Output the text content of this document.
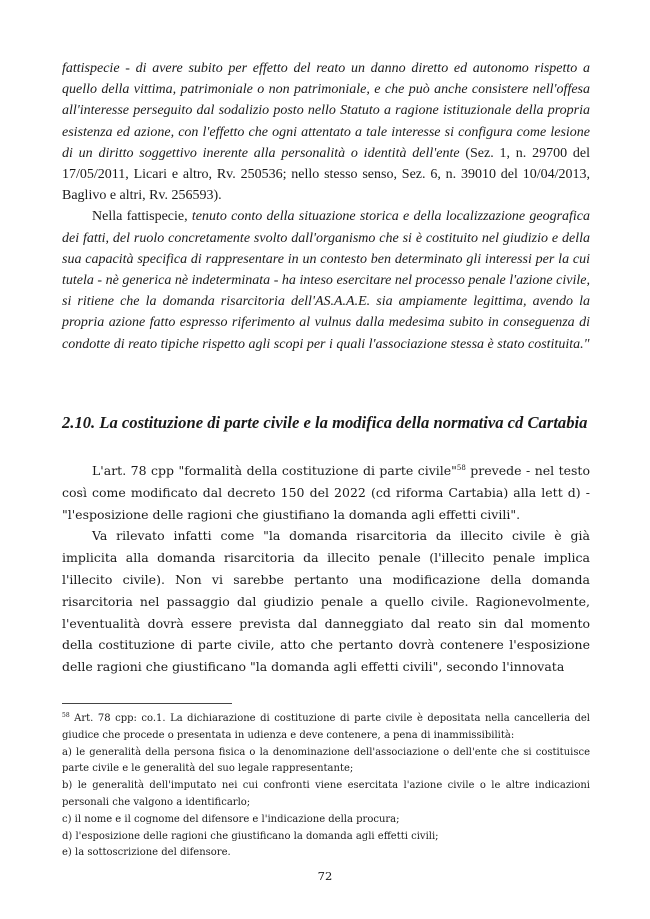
fattispecie - di avere subito per effetto del reato un danno diretto ed autonomo rispetto a quello della vittima, patrimoniale o non patrimoniale, e che può anche consistere nell'offesa all'interesse perseguito dal sodalizio posto nello Statuto a ragione istituzionale della propria esistenza ed azione, con l'effetto che ogni attentato a tale interesse si configura come lesione di un diritto soggettivo inerente alla personalità o identità dell'ente (Sez. 1, n. 29700 del 17/05/2011, Licari e altro, Rv. 250536; nello stesso senso, Sez. 6, n. 39010 del 10/04/2013, Baglivo e altri, Rv. 256593).

Nella fattispecie, tenuto conto della situazione storica e della localizzazione geografica dei fatti, del ruolo concretamente svolto dall'organismo che si è costituito nel giudizio e della sua capacità specifica di rappresentare in un contesto ben determinato gli interessi per la cui tutela - nè generica nè indeterminata - ha inteso esercitare nel processo penale l'azione civile, si ritiene che la domanda risarcitoria dell'AS.A.A.E. sia ampiamente legittima, avendo la propria azione fatto espresso riferimento al vulnus dalla medesima subito in conseguenza di condotte di reato tipiche rispetto agli scopi per i quali l'associazione stessa è stato costituita."

2.10. La costituzione di parte civile e la modifica della normativa cd Cartabia

L'art. 78 cpp "formalità della costituzione di parte civile"$^{58}$ prevede - nel testo così come modificato dal decreto 150 del 2022 (cd riforma Cartabia) alla lett d) - "l'esposizione delle ragioni che giustifiano la domanda agli effetti civili".

Va rilevato infatti come "la domanda risarcitoria da illecito civile è già implicita alla domanda risarcitoria da illecito penale (l'illecito penale implica l'illecito civile). Non vi sarebbe pertanto una modificazione della domanda risarcitoria nel passaggio dal giudizio penale a quello civile. Ragionevolmente, l'eventualità dovrà essere prevista dal danneggiato dal reato sin dal momento della costituzione di parte civile, atto che pertanto dovrà contenere l'esposizione delle ragioni che giustificano "la domanda agli effetti civili", secondo l'innovata

$^{58}$ Art. 78 cpp: co.1. La dichiarazione di costituzione di parte civile è depositata nella cancelleria del giudice che procede o presentata in udienza e deve contenere, a pena di inammissibilità:

a) le generalità della persona fisica o la denominazione dell'associazione o dell'ente che si costituisce parte civile e le generalità del suo legale rappresentante;

b) le generalità dell'imputato nei cui confronti viene esercitata l'azione civile o le altre indicazioni personali che valgono a identificarlo;

c) il nome e il cognome del difensore e l'indicazione della procura;

d) l'esposizione delle ragioni che giustificano la domanda agli effetti civili;

e) la sottoscrizione del difensore.

72
